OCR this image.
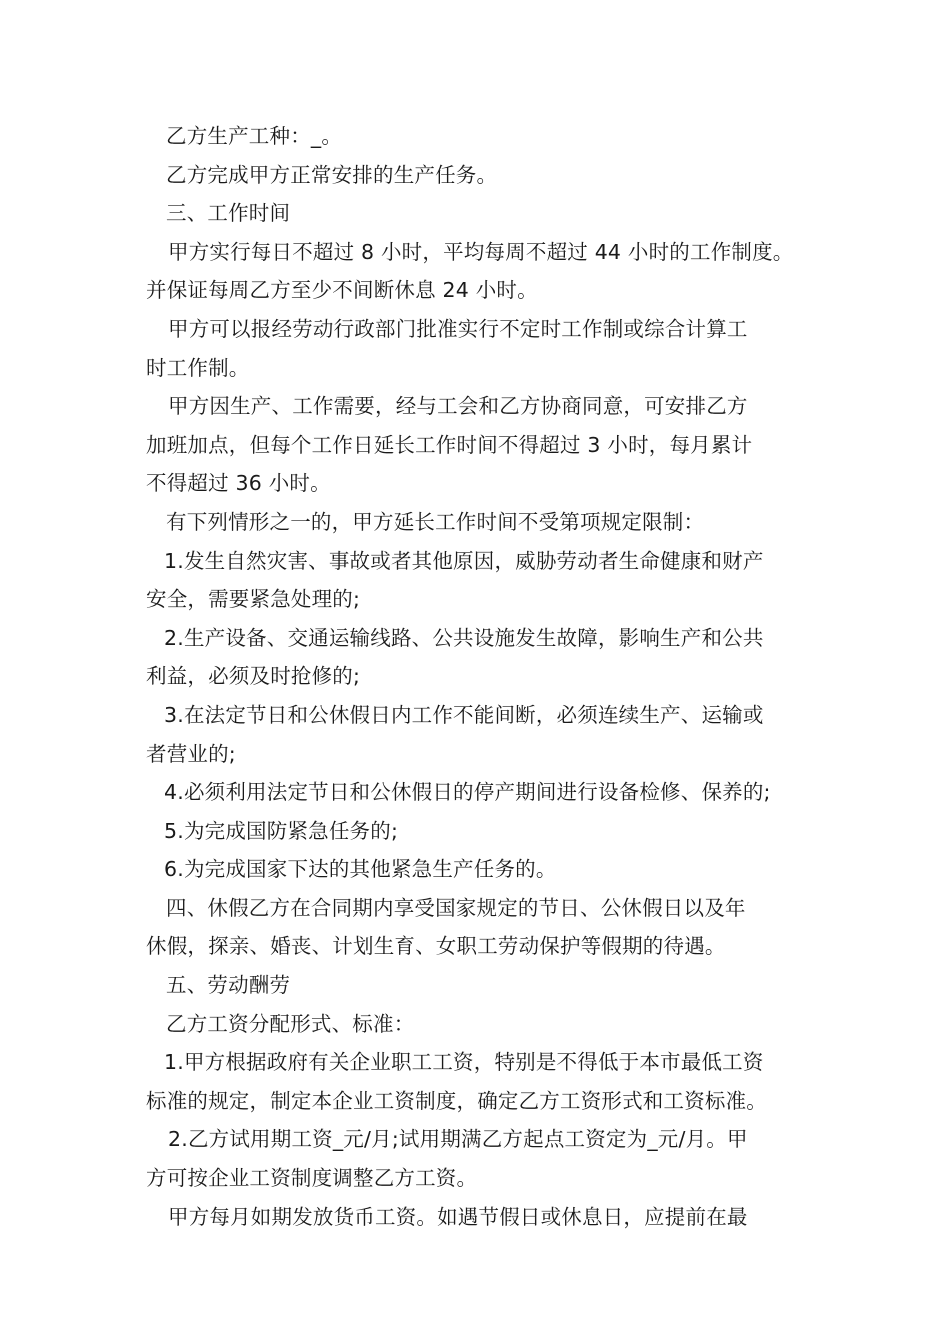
乙方生产工种：_。
乙方完成甲方正常安排的生产任务。
三、工作时间
甲方实行每日不超过 8 小时，平均每周不超过 44 小时的工作制度。
并保证每周乙方至少不间断休息 24 小时。
甲方可以报经劳动行政部门批准实行不定时工作制或综合计算工
时工作制。
甲方因生产、工作需要，经与工会和乙方协商同意，可安排乙方
加班加点，但每个工作日延长工作时间不得超过 3 小时，每月累计
不得超过 36 小时。
有下列情形之一的，甲方延长工作时间不受第项规定限制：
1.发生自然灾害、事故或者其他原因，威胁劳动者生命健康和财产
安全，需要紧急处理的;
2.生产设备、交通运输线路、公共设施发生故障，影响生产和公共
利益，必须及时抢修的;
3.在法定节日和公休假日内工作不能间断，必须连续生产、运输或
者营业的;
4.必须利用法定节日和公休假日的停产期间进行设备检修、保养的;
5.为完成国防紧急任务的;
6.为完成国家下达的其他紧急生产任务的。
四、休假乙方在合同期内享受国家规定的节日、公休假日以及年
休假，探亲、婚丧、计划生育、女职工劳动保护等假期的待遇。
五、劳动酬劳
乙方工资分配形式、标准：
1.甲方根据政府有关企业职工工资，特别是不得低于本市最低工资
标准的规定，制定本企业工资制度，确定乙方工资形式和工资标准。
2.乙方试用期工资_元/月;试用期满乙方起点工资定为_元/月。甲
方可按企业工资制度调整乙方工资。
甲方每月如期发放货币工资。如遇节假日或休息日，应提前在最
